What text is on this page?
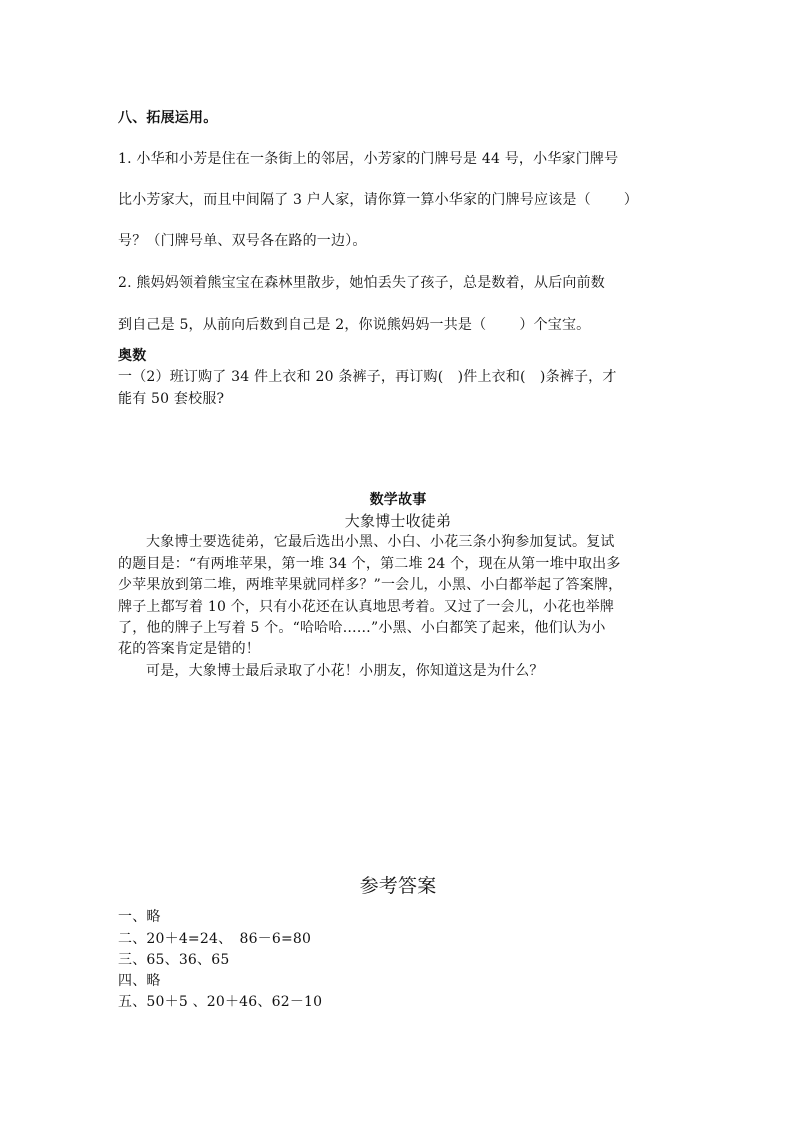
八、拓展运用。
1. 小华和小芳是住在一条街上的邻居，小芳家的门牌号是 44 号，小华家门牌号
比小芳家大，而且中间隔了 3 户人家，请你算一算小华家的门牌号应该是（　　 ）
号？（门牌号单、双号各在路的一边）。
2. 熊妈妈领着熊宝宝在森林里散步，她怕丢失了孩子，总是数着，从后向前数
到自己是 5，从前向后数到自己是 2，你说熊妈妈一共是（　　 ）个宝宝。
奥数
一（2）班订购了 34 件上衣和 20 条裤子，再订购(　)件上衣和(　)条裤子，才
能有 50 套校服?
数学故事
大象博士收徒弟
大象博士要选徒弟，它最后选出小黑、小白、小花三条小狗参加复试。复试
的题目是：“有两堆苹果，第一堆 34 个，第二堆 24 个，现在从第一堆中取出多
少苹果放到第二堆，两堆苹果就同样多？”一会儿，小黑、小白都举起了答案牌，
牌子上都写着 10 个，只有小花还在认真地思考着。又过了一会儿，小花也举牌
了，他的牌子上写着 5 个。“哈哈哈……”小黑、小白都笑了起来，他们认为小
花的答案肯定是错的！
可是，大象博士最后录取了小花！小朋友，你知道这是为什么？
参考答案
一、略
二、20＋4=24、　86－6=80
三、65、36、65
四、略
五、50＋5 、20＋46、62－10
